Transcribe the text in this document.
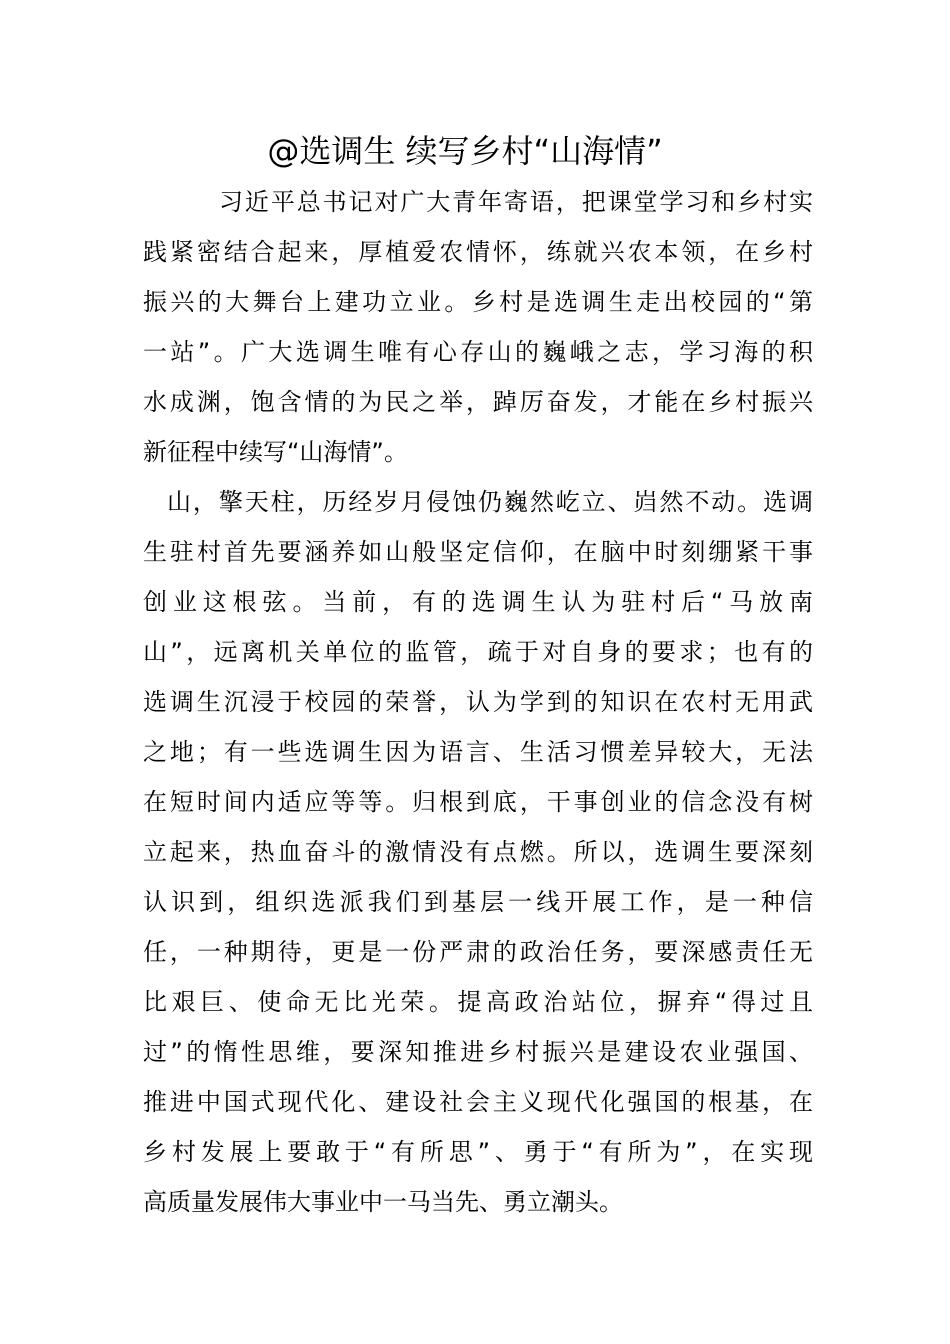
@选调生 续写乡村“山海情”
习近平总书记对广大青年寄语，把课堂学习和乡村实
践紧密结合起来，厚植爱农情怀，练就兴农本领，在乡村
振兴的大舞台上建功立业。乡村是选调生走出校园的“第
一站”。广大选调生唯有心存山的巍峨之志，学习海的积
水成渊，饱含情的为民之举，踔厉奋发，才能在乡村振兴
新征程中续写“山海情”。
山，擎天柱，历经岁月侵蚀仍巍然屹立、岿然不动。选调
生驻村首先要涵养如山般坚定信仰，在脑中时刻绷紧干事
创业这根弦。当前，有的选调生认为驻村后“马放南
山”，远离机关单位的监管，疏于对自身的要求；也有的
选调生沉浸于校园的荣誉，认为学到的知识在农村无用武
之地；有一些选调生因为语言、生活习惯差异较大，无法
在短时间内适应等等。归根到底，干事创业的信念没有树
立起来，热血奋斗的激情没有点燃。所以，选调生要深刻
认识到，组织选派我们到基层一线开展工作，是一种信
任，一种期待，更是一份严肃的政治任务，要深感责任无
比艰巨、使命无比光荣。提高政治站位，摒弃“得过且
过”的惰性思维，要深知推进乡村振兴是建设农业强国、
推进中国式现代化、建设社会主义现代化强国的根基，在
乡村发展上要敢于“有所思”、勇于“有所为”，在实现
高质量发展伟大事业中一马当先、勇立潮头。
